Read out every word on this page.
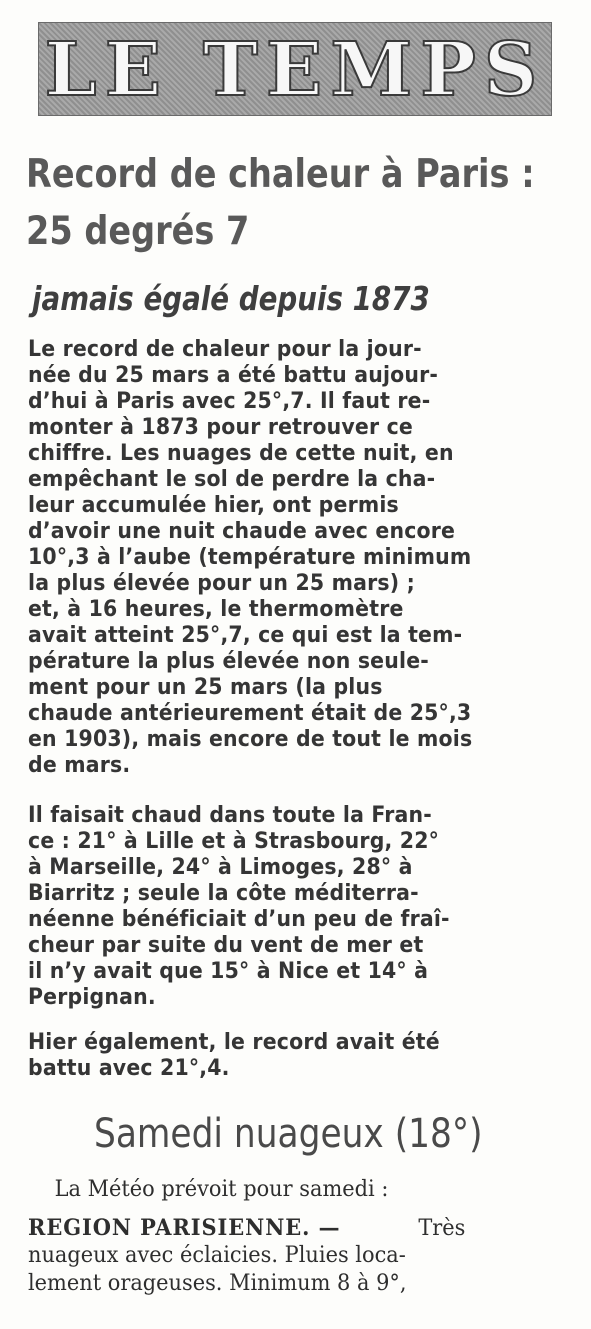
LE TEMPS
Record de chaleur à Paris :
25 degrés 7
jamais égalé depuis 1873
Le record de chaleur pour la jour-
née du 25 mars a été battu aujour-
d’hui à Paris avec 25°,7. Il faut re-
monter à 1873 pour retrouver ce
chiffre. Les nuages de cette nuit, en
empêchant le sol de perdre la cha-
leur accumulée hier, ont permis
d’avoir une nuit chaude avec encore
10°,3 à l’aube (température minimum
la plus élevée pour un 25 mars) ;
et, à 16 heures, le thermomètre
avait atteint 25°,7, ce qui est la tem-
pérature la plus élevée non seule-
ment pour un 25 mars (la plus
chaude antérieurement était de 25°,3
en 1903), mais encore de tout le mois
de mars.
Il faisait chaud dans toute la Fran-
ce : 21° à Lille et à Strasbourg, 22°
à Marseille, 24° à Limoges, 28° à
Biarritz ; seule la côte méditerra-
néenne bénéficiait d’un peu de fraî-
cheur par suite du vent de mer et
il n’y avait que 15° à Nice et 14° à
Perpignan.
Hier également, le record avait été
battu avec 21°,4.
Samedi nuageux (18°)
La Météo prévoit pour samedi :
REGION PARISIENNE. —	Très
nuageux avec éclaicies. Pluies loca-
lement orageuses. Minimum 8 à 9°,
